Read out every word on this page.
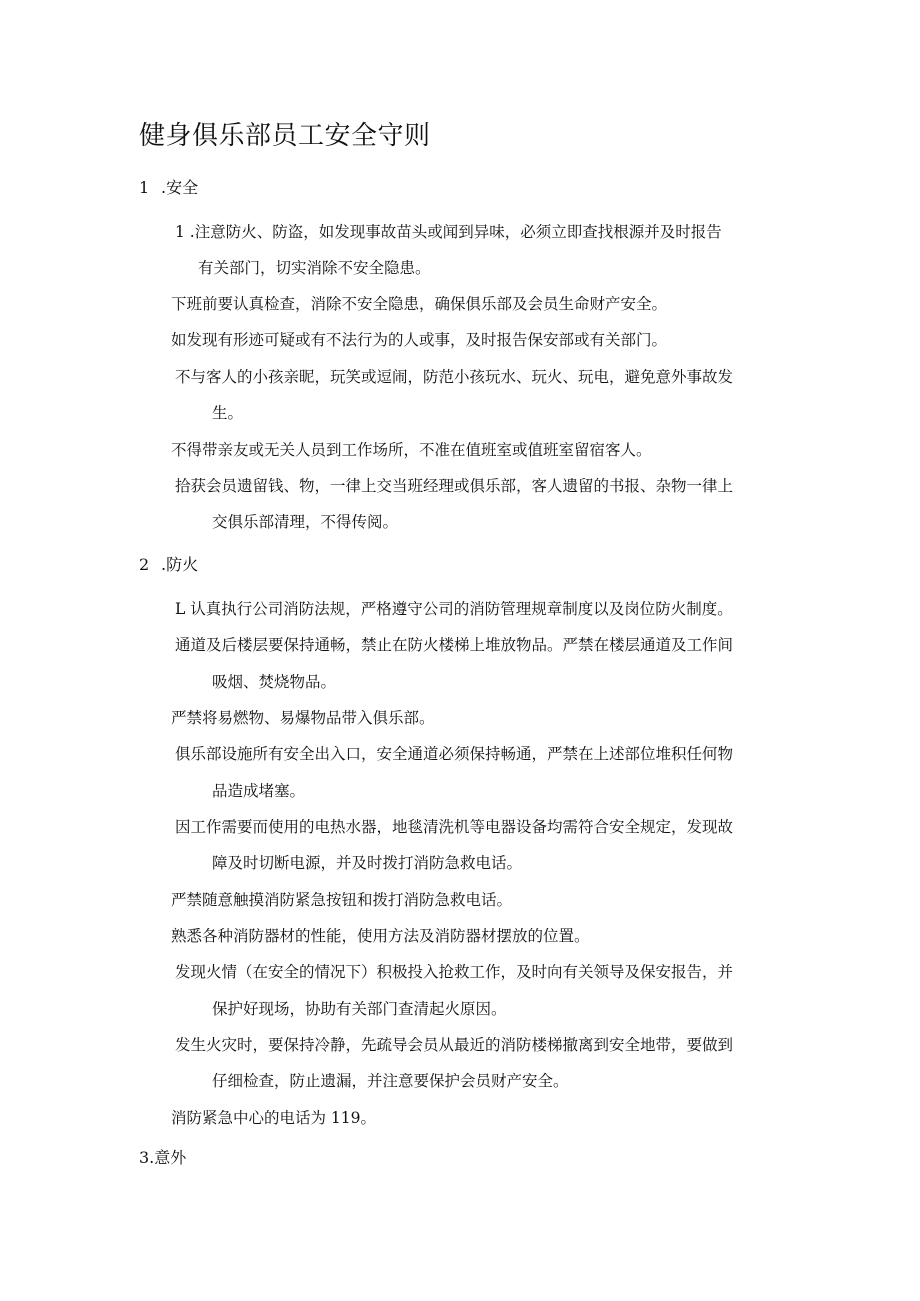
健身俱乐部员工安全守则
1 .安全
1 .注意防火、防盗，如发现事故苗头或闻到异味，必须立即查找根源并及时报告
有关部门，切实消除不安全隐患。
下班前要认真检查，消除不安全隐患，确保俱乐部及会员生命财产安全。
如发现有形迹可疑或有不法行为的人或事，及时报告保安部或有关部门。
不与客人的小孩亲昵，玩笑或逗闹，防范小孩玩水、玩火、玩电，避免意外事故发
生。
不得带亲友或无关人员到工作场所，不准在值班室或值班室留宿客人。
拾获会员遗留钱、物，一律上交当班经理或俱乐部，客人遗留的书报、杂物一律上
交俱乐部清理，不得传阅。
2 .防火
L 认真执行公司消防法规，严格遵守公司的消防管理规章制度以及岗位防火制度。
通道及后楼层要保持通畅，禁止在防火楼梯上堆放物品。严禁在楼层通道及工作间
吸烟、焚烧物品。
严禁将易燃物、易爆物品带入俱乐部。
俱乐部设施所有安全出入口，安全通道必须保持畅通，严禁在上述部位堆积任何物
品造成堵塞。
因工作需要而使用的电热水器，地毯清洗机等电器设备均需符合安全规定，发现故
障及时切断电源，并及时拨打消防急救电话。
严禁随意触摸消防紧急按钮和拨打消防急救电话。
熟悉各种消防器材的性能，使用方法及消防器材摆放的位置。
发现火情（在安全的情况下）积极投入抢救工作，及时向有关领导及保安报告，并
保护好现场，协助有关部门查清起火原因。
发生火灾时，要保持冷静，先疏导会员从最近的消防楼梯撤离到安全地带，要做到
仔细检查，防止遗漏，并注意要保护会员财产安全。
消防紧急中心的电话为 119。
3.意外
